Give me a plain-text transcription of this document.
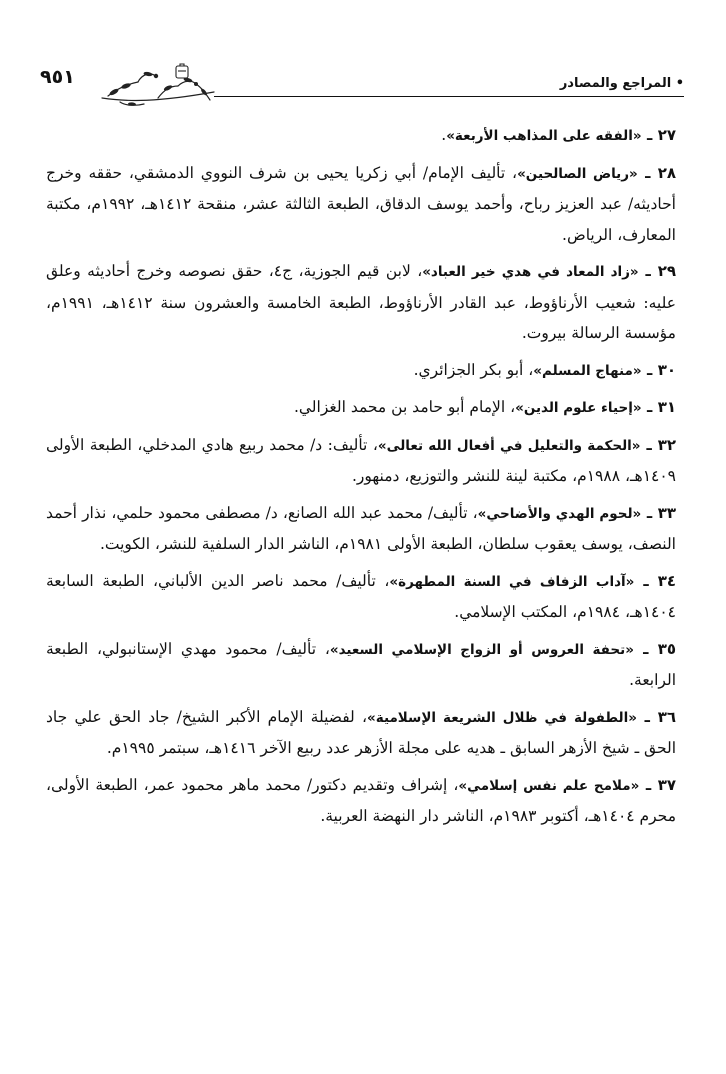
• المراجع والمصادر
٩٥١
٢٧ ـ «الفقه على المذاهب الأربعة».
٢٨ ـ «رياض الصالحين»، تأليف الإمام/ أبي زكريا يحيى بن شرف النووي الدمشقي، حققه وخرج أحاديثه/ عبد العزيز رباح، وأحمد يوسف الدقاق، الطبعة الثالثة عشر، منقحة ١٤١٢هـ، ١٩٩٢م، مكتبة المعارف، الرياض.
٢٩ ـ «زاد المعاد في هدي خير العباد»، لابن قيم الجوزية، ج٤، حقق نصوصه وخرج أحاديثه وعلق عليه: شعيب الأرناؤوط، عبد القادر الأرناؤوط، الطبعة الخامسة والعشرون سنة ١٤١٢هـ، ١٩٩١م، مؤسسة الرسالة بيروت.
٣٠ ـ «منهاج المسلم»، أبو بكر الجزائري.
٣١ ـ «إحياء علوم الدين»، الإمام أبو حامد بن محمد الغزالي.
٣٢ ـ «الحكمة والتعليل في أفعال الله تعالى»، تأليف: د/ محمد ربيع هادي المدخلي، الطبعة الأولى ١٤٠٩هـ، ١٩٨٨م، مكتبة لينة للنشر والتوزيع، دمنهور.
٣٣ ـ «لحوم الهدي والأضاحي»، تأليف/ محمد عبد الله الصانع، د/ مصطفى محمود حلمي، نذار أحمد النصف، يوسف يعقوب سلطان، الطبعة الأولى ١٩٨١م، الناشر الدار السلفية للنشر، الكويت.
٣٤ ـ «آداب الزفاف في السنة المطهرة»، تأليف/ محمد ناصر الدين الألباني، الطبعة السابعة ١٤٠٤هـ، ١٩٨٤م، المكتب الإسلامي.
٣٥ ـ «تحفة العروس أو الزواج الإسلامي السعيد»، تأليف/ محمود مهدي الإستانبولي، الطبعة الرابعة.
٣٦ ـ «الطفولة في ظلال الشريعة الإسلامية»، لفضيلة الإمام الأكبر الشيخ/ جاد الحق علي جاد الحق ـ شيخ الأزهر السابق ـ هديه على مجلة الأزهر عدد ربيع الآخر ١٤١٦هـ، سبتمر ١٩٩٥م.
٣٧ ـ «ملامح علم نفس إسلامي»، إشراف وتقديم دكتور/ محمد ماهر محمود عمر، الطبعة الأولى، محرم ١٤٠٤هـ، أكتوبر ١٩٨٣م، الناشر دار النهضة العربية.
